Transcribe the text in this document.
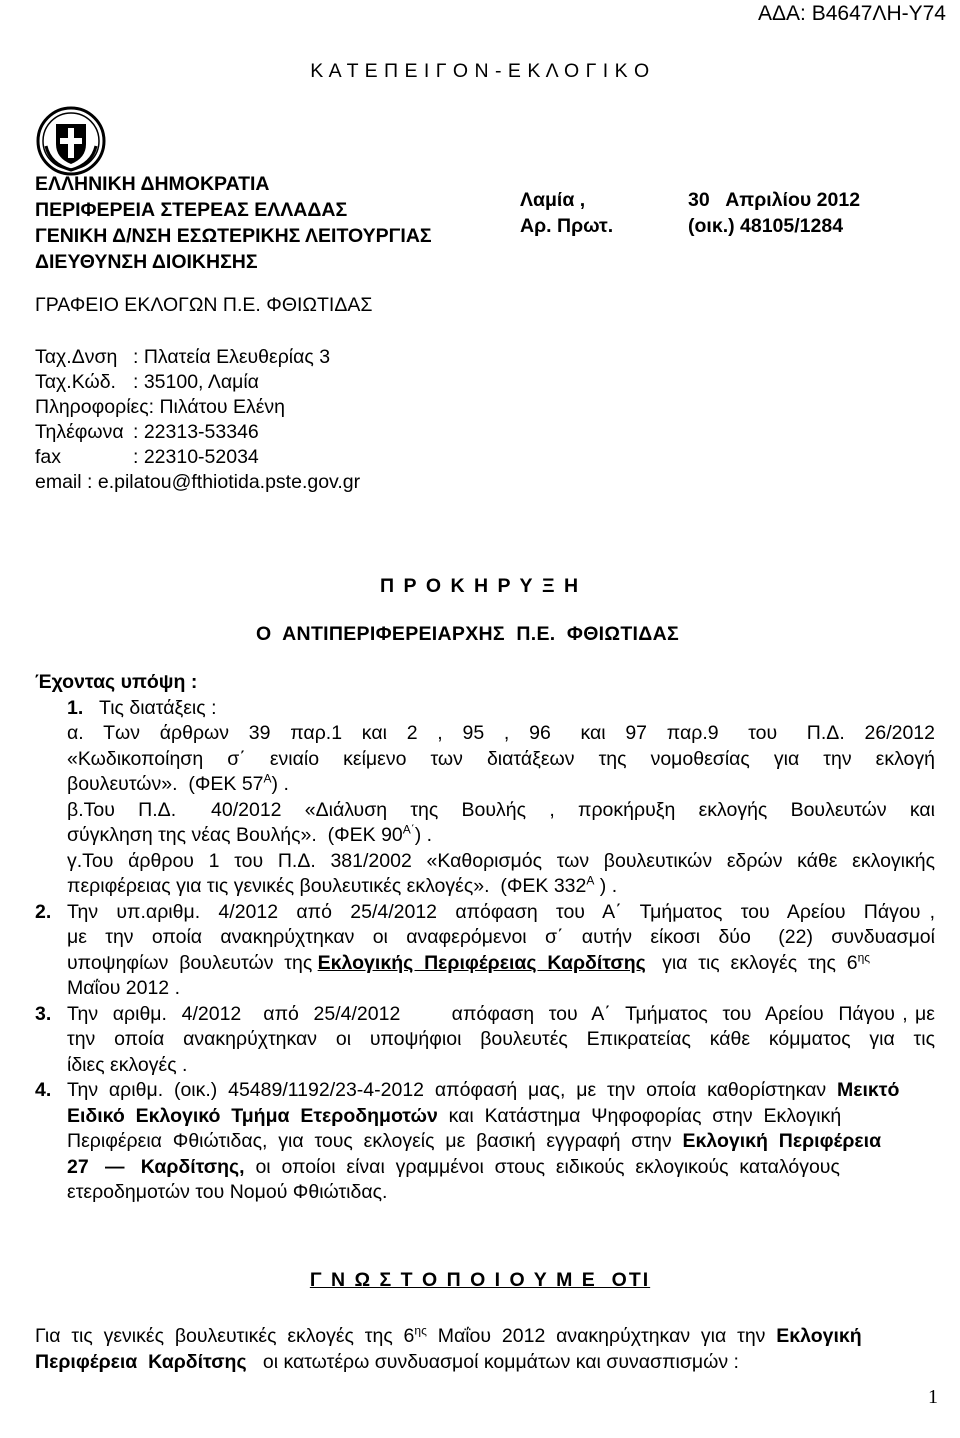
ΑΔΑ: Β4647ΛΗ-Υ74
Κ Α Τ Ε Π Ε Ι Γ Ο Ν - Ε Κ Λ Ο Γ Ι Κ Ο
ΕΛΛΗΝΙΚΗ ΔΗΜΟΚΡΑΤΙΑ
ΠΕΡΙΦΕΡΕΙΑ ΣΤΕΡΕΑΣ ΕΛΛΑΔΑΣ
ΓΕΝΙΚΗ Δ/ΝΣΗ ΕΣΩΤΕΡΙΚΗΣ ΛΕΙΤΟΥΡΓΙΑΣ
ΔΙΕΥΘΥΝΣΗ ΔΙΟΙΚΗΣΗΣ
Λαμία ,
Αρ. Πρωτ.
30   Απριλίου 2012
(οικ.) 48105/1284
ΓΡΑΦΕΙΟ ΕΚΛΟΓΩΝ Π.Ε. ΦΘΙΩΤΙΔΑΣ
Ταχ.Δνση : Πλατεία Ελευθερίας 3
Ταχ.Κώδ. : 35100, Λαμία
Πληροφορίες: Πιλάτου Ελένη
Τηλέφωνα : 22313-53346
fax	: 22310-52034
email : e.pilatou@fthiotida.pste.gov.gr
Π Ρ Ο Κ Η Ρ Υ Ξ Η
Ο  ΑΝΤΙΠΕΡΙΦΕΡΕΙΑΡΧΗΣ  Π.Ε.  ΦΘΙΩΤΙΔΑΣ

Έχοντας υπόψη :

1. Τις διατάξεις :

α.  Των  άρθρων  39  παρ.1  και  2  ,  95  ,  96   και  97  παρ.9   του   Π.Δ.  26/2012
«Κωδικοποίηση  σ΄  ενιαίο  κείμενο  των  διατάξεων  της  νομοθεσίας  για  την  εκλογή
βουλευτών».  (ΦΕΚ $57^A$) .
β.Του  Π.Δ.   40/2012  «Διάλυση  της  Βουλής  ,  προκήρυξη  εκλογής  Βουλευτών  και
σύγκληση της νέας Βουλής».  (ΦΕΚ $90^{A΄}$) .
γ.Του άρθρου 1 του Π.Δ. 381/2002 «Καθορισμός των βουλευτικών εδρών κάθε εκλογικής
περιφέρειας για τις γενικές βουλευτικές εκλογές».  (ΦΕΚ $332^A$ ) .
2. Την  υπ.αριθμ.  4/2012  από  25/4/2012  απόφαση  του  Α΄  Τμήματος  του  Αρείου  Πάγου ,
με  την  οποία  ανακηρύχτηκαν  οι  αναφερόμενοι  σ΄  αυτήν  είκοσι  δύο   (22)  συνδυασμοί
υποψηφίων  βουλευτών  της Εκλογικής  Περιφέρειας  Καρδίτσης   για  τις  εκλογές  της  $6^{\eta\varsigma}$
Μαΐου 2012 .
3. Την  αριθμ.  4/2012   από  25/4/2012       απόφαση  του  Α΄  Τμήματος  του  Αρείου  Πάγου , με
την  οποία  ανακηρύχτηκαν  οι  υποψήφιοι  βουλευτές  Επικρατείας  κάθε  κόμματος  για  τις
ίδιες εκλογές .
4. Την  αριθμ.  (οικ.)  45489/1192/23-4-2012  απόφασή  μας,  με  την  οποία  καθορίστηκαν  Μεικτό
Ειδικό  Εκλογικό  Τμήμα  Ετεροδημοτών  και  Κατάστημα  Ψηφοφορίας  στην  Εκλογική
Περιφέρεια  Φθιώτιδας,  για  τους  εκλογείς  με  βασική  εγγραφή  στην  Εκλογική  Περιφέρεια
27   —   Καρδίτσης,  οι  οποίοι  είναι  γραμμένοι  στους  ειδικούς  εκλογικούς  καταλόγους
ετεροδημοτών του Νομού Φθιώτιδας.
Γ Ν Ω Σ Τ Ο Π Ο Ι Ο Υ Μ Ε  ΟΤΙ
Για  τις  γενικές  βουλευτικές  εκλογές  της  $6^{\eta\varsigma}$  Μαΐου  2012  ανακηρύχτηκαν  για  την  Εκλογική
Περιφέρεια  Καρδίτσης   οι κατωτέρω συνδυασμοί κομμάτων και συνασπισμών :
1
